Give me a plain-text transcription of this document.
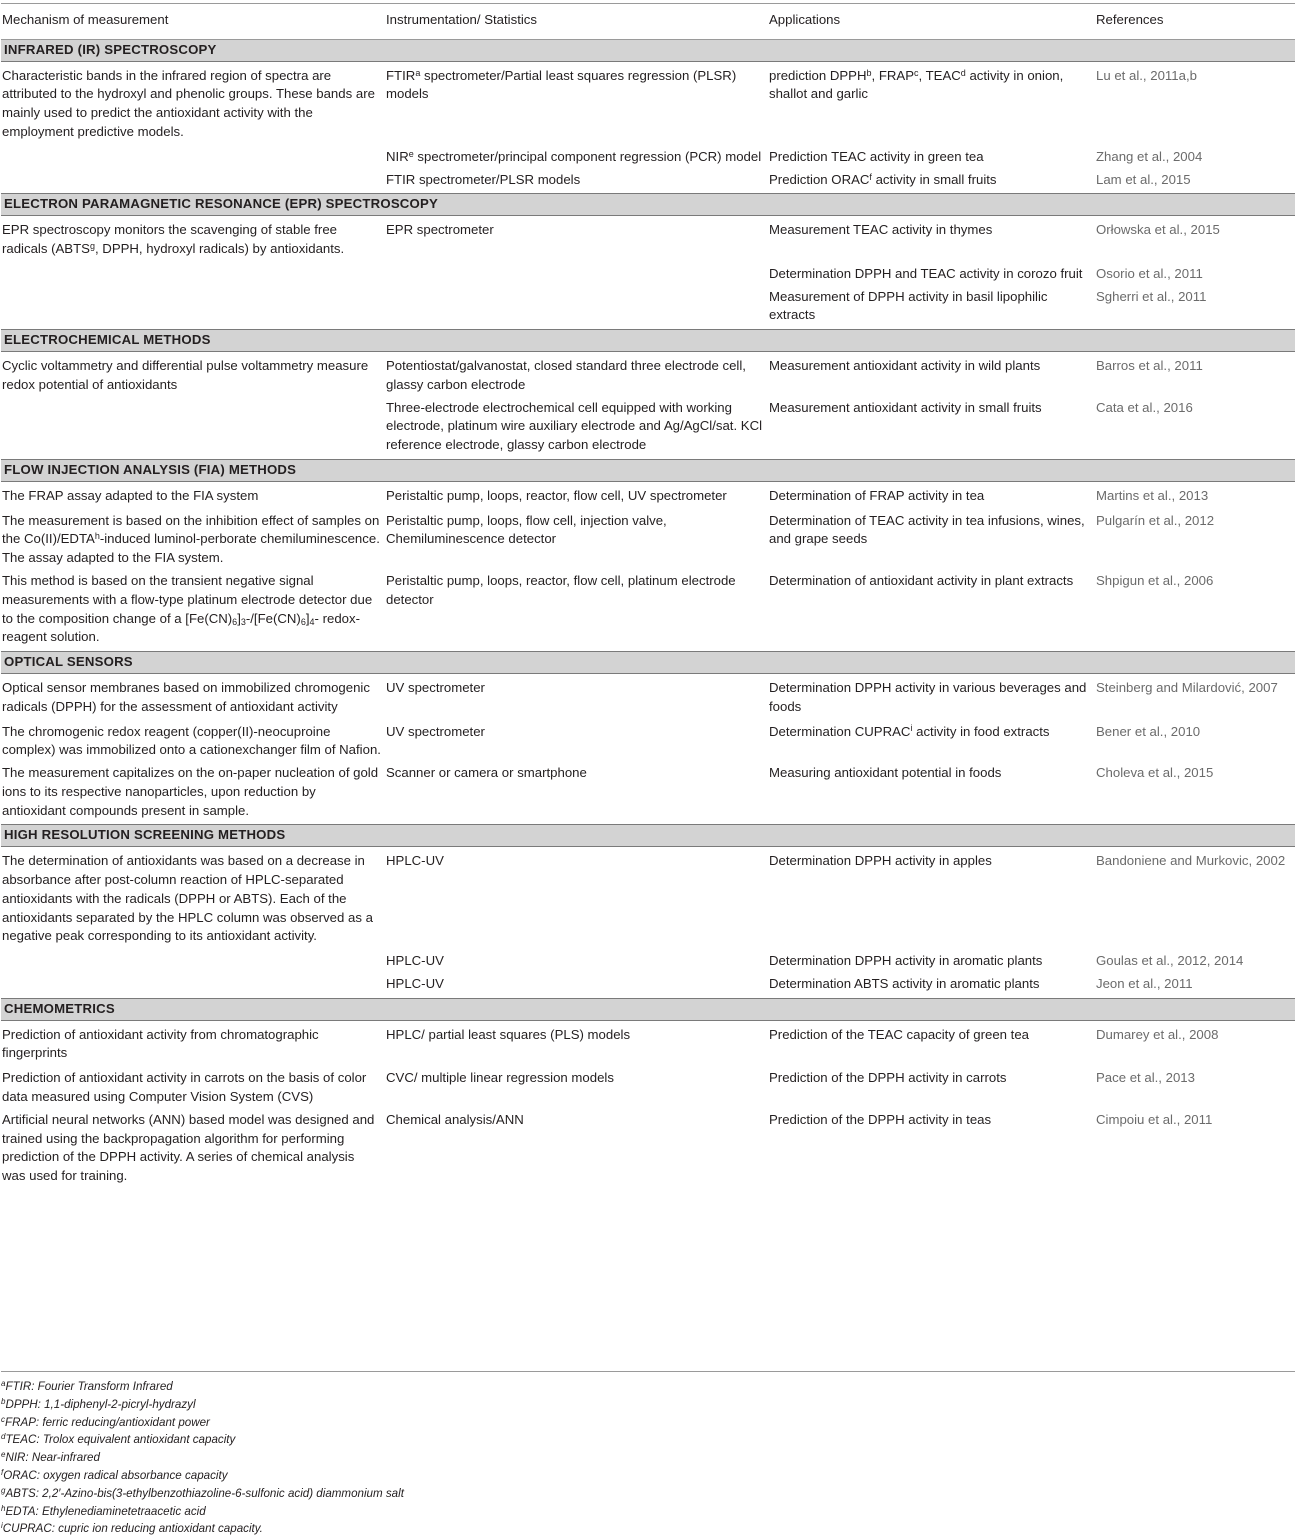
Mechanism of measurement	Instrumentation/ Statistics	Applications	References
INFRARED (IR) SPECTROSCOPY			
Characteristic bands in the infrared region of spectra are attributed to the hydroxyl and phenolic groups. These bands are mainly used to predict the antioxidant activity with the employment predictive models.	FTIR$^a$ spectrometer/Partial least squares regression (PLSR) models	prediction DPPH$^b$, FRAP$^c$, TEAC$^d$ activity in onion, shallot and garlic	Lu et al., 2011a,b
	NIR$^e$ spectrometer/principal component regression (PCR) model	Prediction TEAC activity in green tea	Zhang et al., 2004
	FTIR spectrometer/PLSR models	Prediction ORAC$^f$ activity in small fruits	Lam et al., 2015
ELECTRON PARAMAGNETIC RESONANCE (EPR) SPECTROSCOPY			
EPR spectroscopy monitors the scavenging of stable free radicals (ABTS$^g$, DPPH, hydroxyl radicals) by antioxidants.	EPR spectrometer	Measurement TEAC activity in thymes	Orłowska et al., 2015
		Determination DPPH and TEAC activity in corozo fruit	Osorio et al., 2011
		Measurement of DPPH activity in basil lipophilic extracts	Sgherri et al., 2011
ELECTROCHEMICAL METHODS			
Cyclic voltammetry and differential pulse voltammetry measure redox potential of antioxidants	Potentiostat/galvanostat, closed standard three electrode cell, glassy carbon electrode	Measurement antioxidant activity in wild plants	Barros et al., 2011
	Three-electrode electrochemical cell equipped with working electrode, platinum wire auxiliary electrode and Ag/AgCl/sat. KCl reference electrode, glassy carbon electrode	Measurement antioxidant activity in small fruits	Cata et al., 2016
FLOW INJECTION ANALYSIS (FIA) METHODS			
The FRAP assay adapted to the FIA system	Peristaltic pump, loops, reactor, flow cell, UV spectrometer	Determination of FRAP activity in tea	Martins et al., 2013
The measurement is based on the inhibition effect of samples on the Co(II)/EDTA$^h$-induced luminol-perborate chemiluminescence. The assay adapted to the FIA system.	Peristaltic pump, loops, flow cell, injection valve, Chemiluminescence detector	Determination of TEAC activity in tea infusions, wines, and grape seeds	Pulgarín et al., 2012
This method is based on the transient negative signal measurements with a flow-type platinum electrode detector due to the composition change of a $[Fe(CN)_6]_3-/[Fe(CN)_6]_4-$ redox-reagent solution.	Peristaltic pump, loops, reactor, flow cell, platinum electrode detector	Determination of antioxidant activity in plant extracts	Shpigun et al., 2006
OPTICAL SENSORS			
Optical sensor membranes based on immobilized chromogenic radicals (DPPH) for the assessment of antioxidant activity	UV spectrometer	Determination DPPH activity in various beverages and foods	Steinberg and Milardović, 2007
The chromogenic redox reagent (copper(II)-neocuproine complex) was immobilized onto a cationexchanger film of Nafion.	UV spectrometer	Determination CUPRAC$^i$ activity in food extracts	Bener et al., 2010
The measurement capitalizes on the on-paper nucleation of gold ions to its respective nanoparticles, upon reduction by antioxidant compounds present in sample.	Scanner or camera or smartphone	Measuring antioxidant potential in foods	Choleva et al., 2015
HIGH RESOLUTION SCREENING METHODS			
The determination of antioxidants was based on a decrease in absorbance after post-column reaction of HPLC-separated antioxidants with the radicals (DPPH or ABTS). Each of the antioxidants separated by the HPLC column was observed as a negative peak corresponding to its antioxidant activity.	HPLC-UV	Determination DPPH activity in apples	Bandoniene and Murkovic, 2002
	HPLC-UV	Determination DPPH activity in aromatic plants	Goulas et al., 2012, 2014
	HPLC-UV	Determination ABTS activity in aromatic plants	Jeon et al., 2011
CHEMOMETRICS			
Prediction of antioxidant activity from chromatographic fingerprints	HPLC/ partial least squares (PLS) models	Prediction of the TEAC capacity of green tea	Dumarey et al., 2008
Prediction of antioxidant activity in carrots on the basis of color data measured using Computer Vision System (CVS)	CVC/ multiple linear regression models	Prediction of the DPPH activity in carrots	Pace et al., 2013
Artificial neural networks (ANN) based model was designed and trained using the backpropagation algorithm for performing prediction of the DPPH activity. A series of chemical analysis was used for training.	Chemical analysis/ANN	Prediction of the DPPH activity in teas	Cimpoiu et al., 2011
$^a$FTIR: Fourier Transform Infrared
$^b$DPPH: 1,1-diphenyl-2-picryl-hydrazyl
$^c$FRAP: ferric reducing/antioxidant power
$^d$TEAC: Trolox equivalent antioxidant capacity
$^e$NIR: Near-infrared
$^f$ORAC: oxygen radical absorbance capacity
$^g$ABTS: 2,2′-Azino-bis(3-ethylbenzothiazoline-6-sulfonic acid) diammonium salt
$^h$EDTA: Ethylenediaminetetraacetic acid
$^i$CUPRAC: cupric ion reducing antioxidant capacity.
